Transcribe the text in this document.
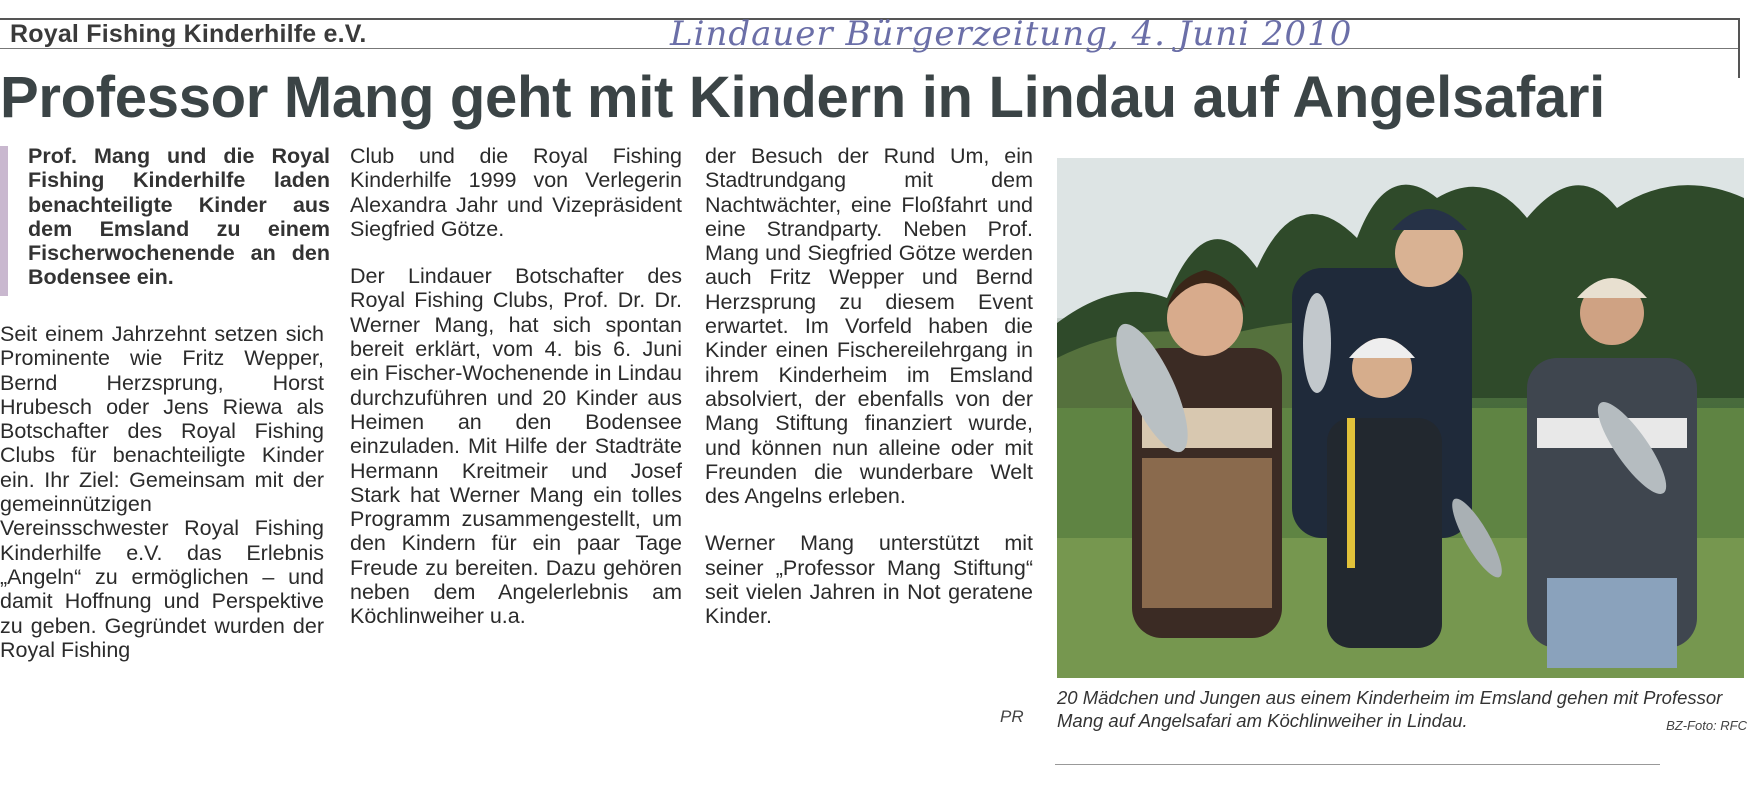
Royal Fishing Kinderhilfe e.V.	Lindauer Bürgerzeitung, 4. Juni 2010
Professor Mang geht mit Kindern in Lindau auf Angelsafari
Prof. Mang und die Royal Fishing Kinderhilfe laden benachteiligte Kinder aus dem Emsland zu einem Fischerwochenende an den Bodensee ein.

Seit einem Jahrzehnt setzen sich Prominente wie Fritz Wepper, Bernd Herzsprung, Horst Hrubesch oder Jens Riewa als Botschafter des Royal Fishing Clubs für benachteiligte Kinder ein. Ihr Ziel: Gemeinsam mit der gemeinnützigen Vereinsschwester Royal Fishing Kinderhilfe e.V. das Erlebnis „Angeln“ zu ermöglichen – und damit Hoffnung und Perspektive zu geben. Gegründet wurden der Royal Fishing

Club und die Royal Fishing Kinderhilfe 1999 von Verlegerin Alexandra Jahr und Vizepräsident Siegfried Götze.

Der Lindauer Botschafter des Royal Fishing Clubs, Prof. Dr. Dr. Werner Mang, hat sich spontan bereit erklärt, vom 4. bis 6. Juni ein Fischer-Wochenende in Lindau durchzuführen und 20 Kinder aus Heimen an den Bodensee einzuladen. Mit Hilfe der Stadträte Hermann Kreitmeir und Josef Stark hat Werner Mang ein tolles Programm zusammengestellt, um den Kindern für ein paar Tage Freude zu bereiten. Dazu gehören neben dem Angelerlebnis am Köchlinweiher u.a.

der Besuch der Rund Um, ein Stadtrundgang mit dem Nachtwächter, eine Floßfahrt und eine Strandparty. Neben Prof. Mang und Siegfried Götze werden auch Fritz Wepper und Bernd Herzsprung zu diesem Event erwartet. Im Vorfeld haben die Kinder einen Fischereilehrgang in ihrem Kinderheim im Emsland absolviert, der ebenfalls von der Mang Stiftung finanziert wurde, und können nun alleine oder mit Freunden die wunderbare Welt des Angelns erleben.

Werner Mang unterstützt mit seiner „Professor Mang Stiftung“ seit vielen Jahren in Not geratene Kinder.

PR
20 Mädchen und Jungen aus einem Kinderheim im Emsland gehen mit Professor Mang auf Angelsafari am Köchlinweiher in Lindau.	BZ-Foto: RFC
